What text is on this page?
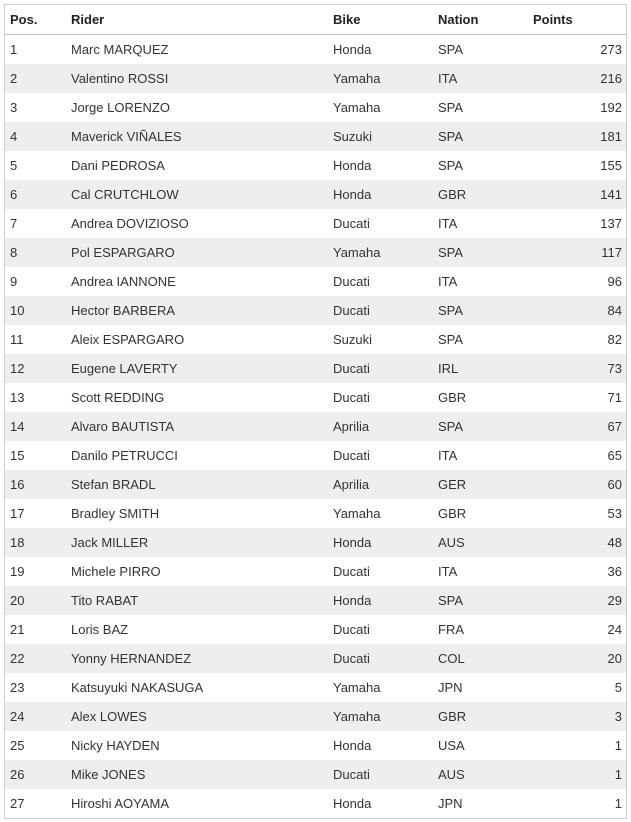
Pos.	Rider	Bike	Nation	Points
1	Marc MARQUEZ	Honda	SPA	273
2	Valentino ROSSI	Yamaha	ITA	216
3	Jorge LORENZO	Yamaha	SPA	192
4	Maverick VIÑALES	Suzuki	SPA	181
5	Dani PEDROSA	Honda	SPA	155
6	Cal CRUTCHLOW	Honda	GBR	141
7	Andrea DOVIZIOSO	Ducati	ITA	137
8	Pol ESPARGARO	Yamaha	SPA	117
9	Andrea IANNONE	Ducati	ITA	96
10	Hector BARBERA	Ducati	SPA	84
11	Aleix ESPARGARO	Suzuki	SPA	82
12	Eugene LAVERTY	Ducati	IRL	73
13	Scott REDDING	Ducati	GBR	71
14	Alvaro BAUTISTA	Aprilia	SPA	67
15	Danilo PETRUCCI	Ducati	ITA	65
16	Stefan BRADL	Aprilia	GER	60
17	Bradley SMITH	Yamaha	GBR	53
18	Jack MILLER	Honda	AUS	48
19	Michele PIRRO	Ducati	ITA	36
20	Tito RABAT	Honda	SPA	29
21	Loris BAZ	Ducati	FRA	24
22	Yonny HERNANDEZ	Ducati	COL	20
23	Katsuyuki NAKASUGA	Yamaha	JPN	5
24	Alex LOWES	Yamaha	GBR	3
25	Nicky HAYDEN	Honda	USA	1
26	Mike JONES	Ducati	AUS	1
27	Hiroshi AOYAMA	Honda	JPN	1
